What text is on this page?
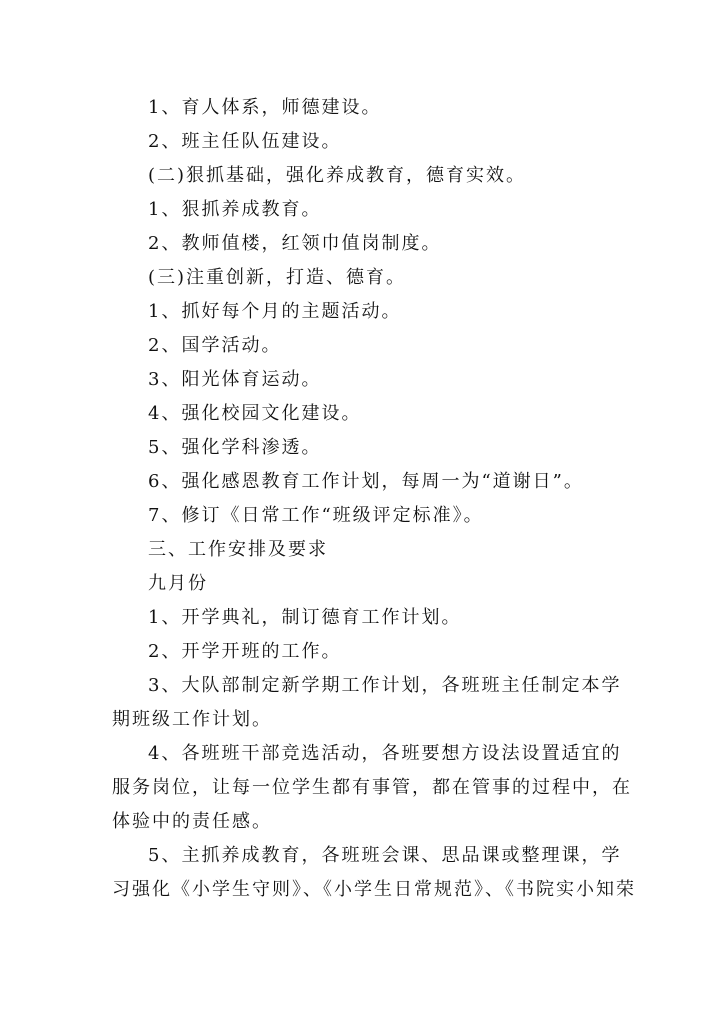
1、育人体系，师德建设。
2、班主任队伍建设。
(二)狠抓基础，强化养成教育，德育实效。
1、狠抓养成教育。
2、教师值楼，红领巾值岗制度。
(三)注重创新，打造、德育。
1、抓好每个月的主题活动。
2、国学活动。
3、阳光体育运动。
4、强化校园文化建设。
5、强化学科渗透。
6、强化感恩教育工作计划，每周一为“道谢日”。
7、修订《日常工作“班级评定标准》。
三、工作安排及要求
九月份
1、开学典礼，制订德育工作计划。
2、开学开班的工作。
3、大队部制定新学期工作计划，各班班主任制定本学
期班级工作计划。
4、各班班干部竞选活动，各班要想方设法设置适宜的
服务岗位，让每一位学生都有事管，都在管事的过程中，在
体验中的责任感。
5、主抓养成教育，各班班会课、思品课或整理课，学
习强化《小学生守则》、《小学生日常规范》、《书院实小知荣
